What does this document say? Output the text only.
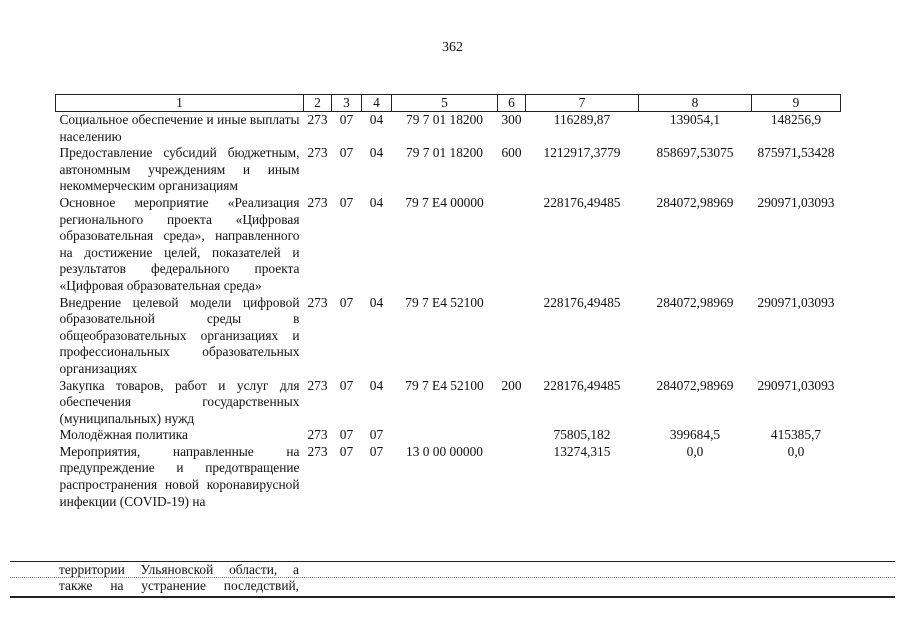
362
1	2	3	4	5	6	7	8	9
Социальное обеспечение и иные выплаты населению	273	07	04	79 7 01 18200	300	116289,87	139054,1	148256,9
Предоставление субсидий бюджетным, автономным учреждениям и иным некоммерческим организациям	273	07	04	79 7 01 18200	600	1212917,3779	858697,53075	875971,53428
Основное мероприятие «Реализация регионального проекта «Цифровая образовательная среда», направленного на достижение целей, показателей и результатов федерального проекта «Цифровая образовательная среда»	273	07	04	79 7 E4 00000		228176,49485	284072,98969	290971,03093
Внедрение целевой модели цифровой образовательной среды в общеобразовательных организациях и профессиональных образовательных организациях	273	07	04	79 7 E4 52100		228176,49485	284072,98969	290971,03093
Закупка товаров, работ и услуг для обеспечения государственных (муниципальных) нужд	273	07	04	79 7 E4 52100	200	228176,49485	284072,98969	290971,03093
Молодёжная политика	273	07	07			75805,182	399684,5	415385,7
Мероприятия, направленные на предупреждение и предотвращение распространения новой коронавирусной инфекции (COVID-19) на	273	07	07	13 0 00 00000		13274,315	0,0	0,0
территории Ульяновской области, а
также на устранение последствий,
